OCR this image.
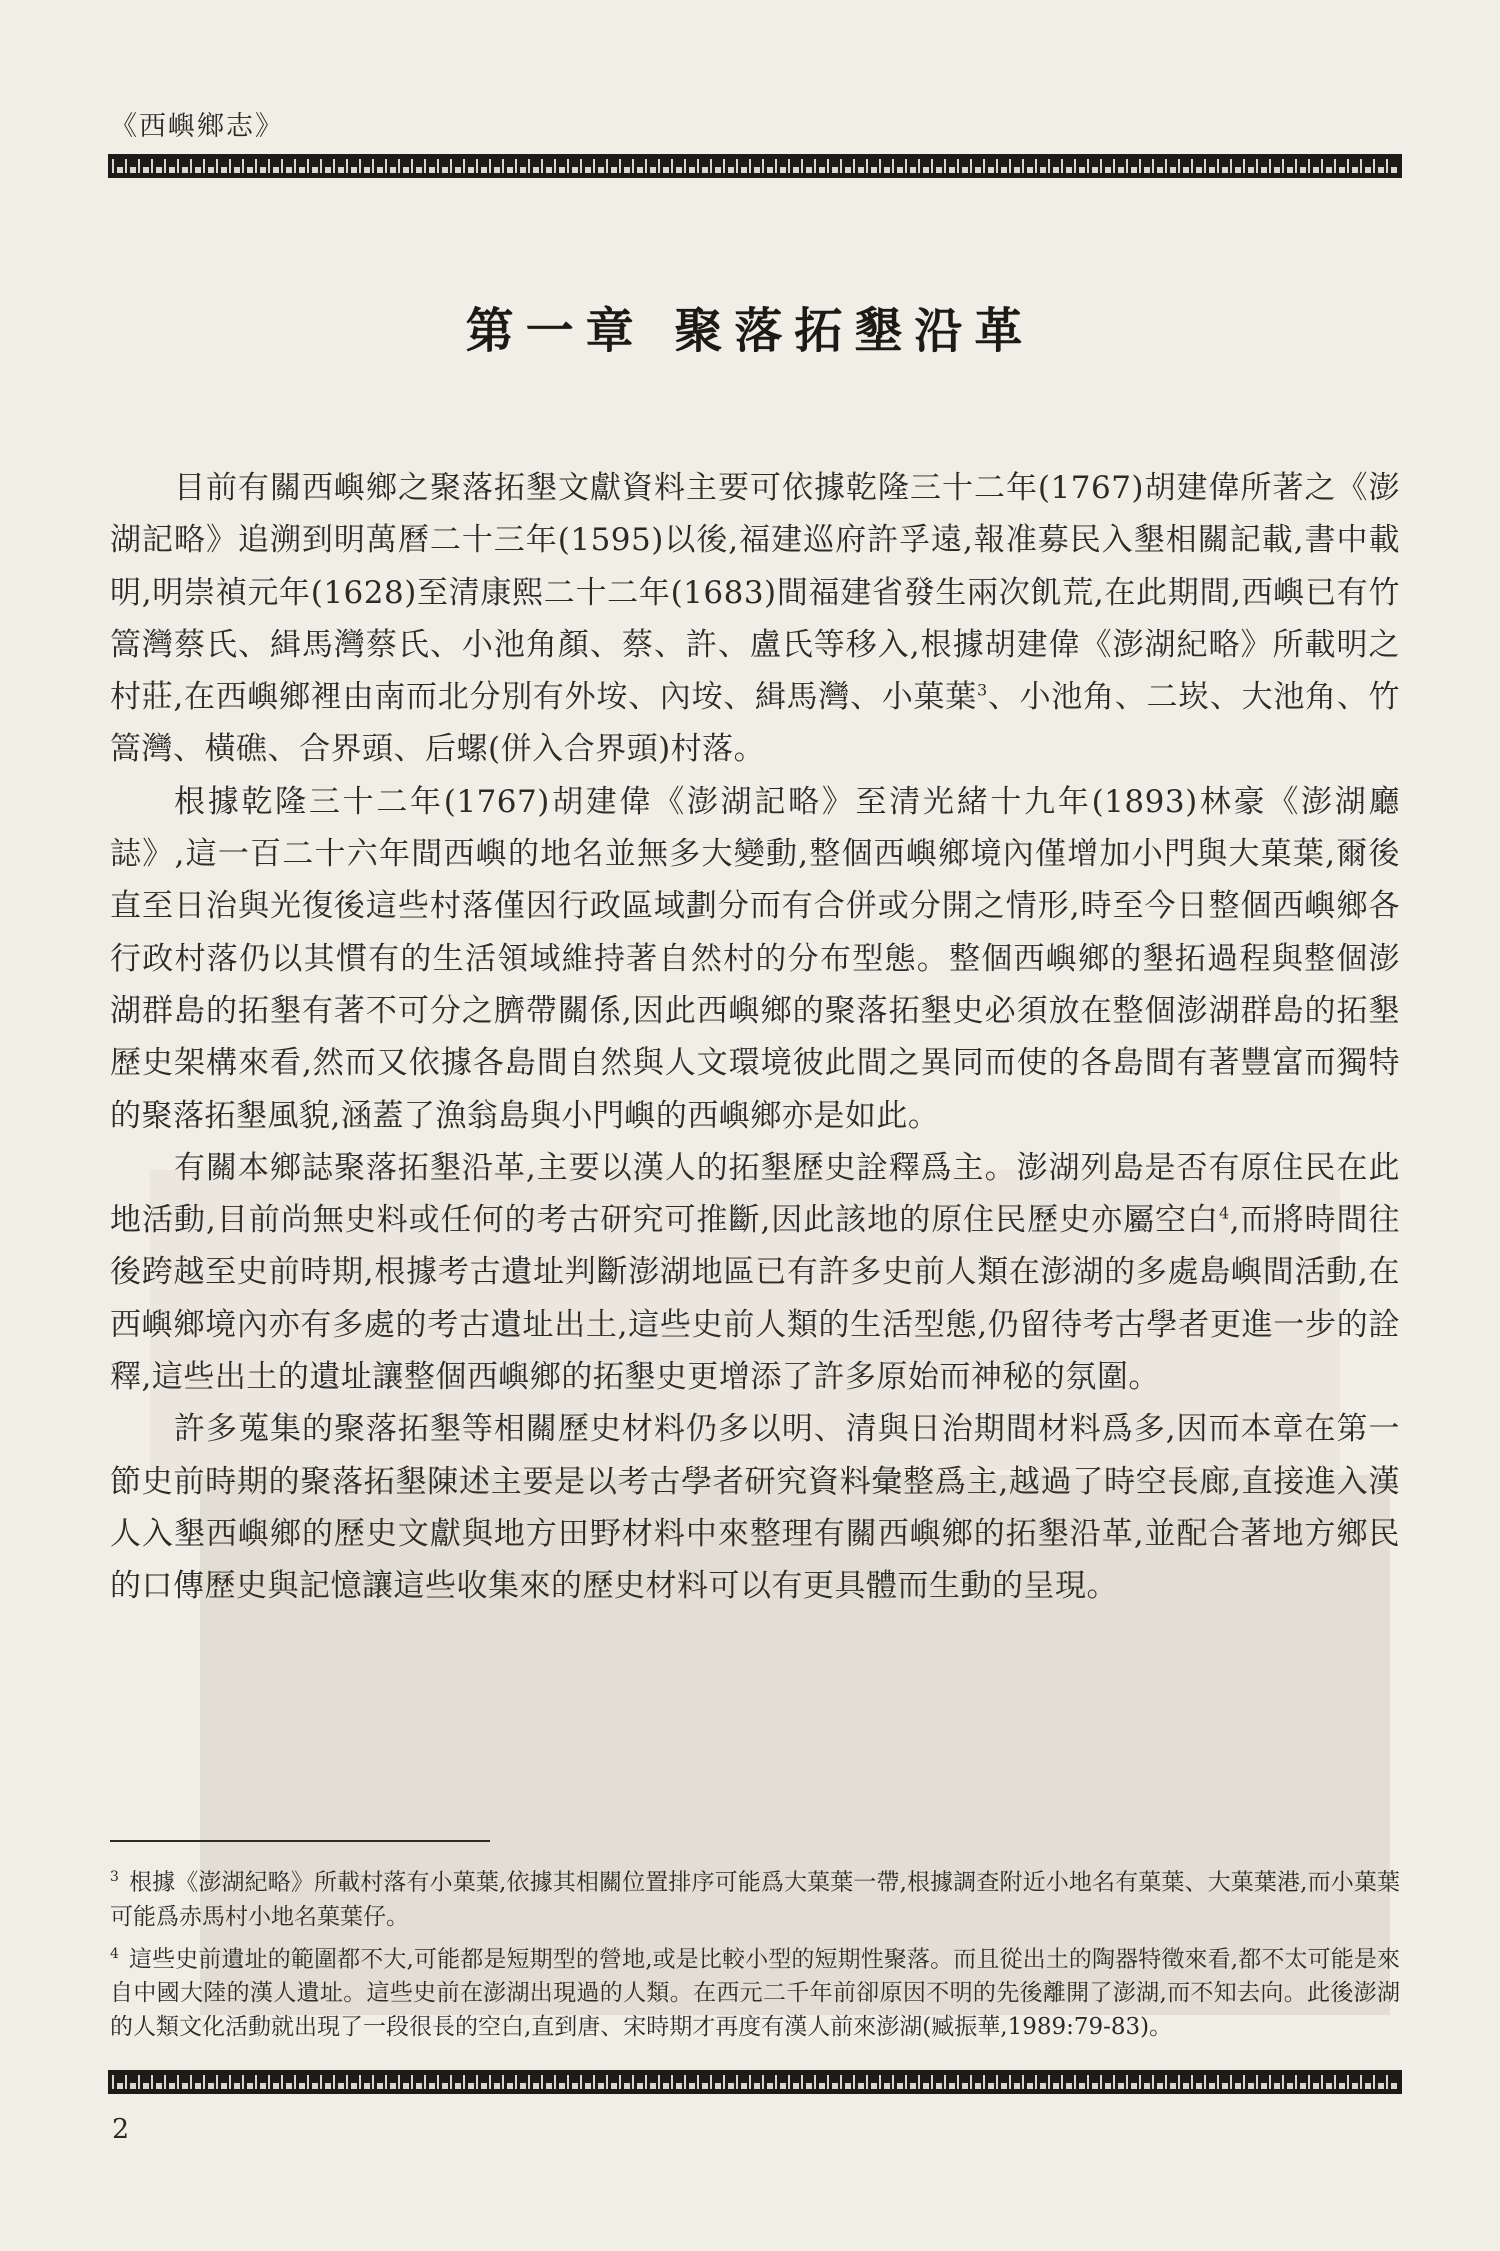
《西嶼鄉志》
第一章 聚落拓墾沿革

目前有關西嶼鄉之聚落拓墾文獻資料主要可依據乾隆三十二年(1767)胡建偉所著之《澎湖記略》追溯到明萬曆二十三年(1595)以後,福建巡府許孚遠,報准募民入墾相關記載,書中載明,明崇禎元年(1628)至清康熙二十二年(1683)間福建省發生兩次飢荒,在此期間,西嶼已有竹篙灣蔡氏、緝馬灣蔡氏、小池角顏、蔡、許、盧氏等移入,根據胡建偉《澎湖紀略》所載明之村莊,在西嶼鄉裡由南而北分別有外垵、內垵、緝馬灣、小菓葉$^3$、小池角、二崁、大池角、竹篙灣、橫礁、合界頭、后螺(併入合界頭)村落。

根據乾隆三十二年(1767)胡建偉《澎湖記略》至清光緒十九年(1893)林豪《澎湖廳誌》,這一百二十六年間西嶼的地名並無多大變動,整個西嶼鄉境內僅增加小門與大菓葉,爾後直至日治與光復後這些村落僅因行政區域劃分而有合併或分開之情形,時至今日整個西嶼鄉各行政村落仍以其慣有的生活領域維持著自然村的分布型態。整個西嶼鄉的墾拓過程與整個澎湖群島的拓墾有著不可分之臍帶關係,因此西嶼鄉的聚落拓墾史必須放在整個澎湖群島的拓墾歷史架構來看,然而又依據各島間自然與人文環境彼此間之異同而使的各島間有著豐富而獨特的聚落拓墾風貌,涵蓋了漁翁島與小門嶼的西嶼鄉亦是如此。

有關本鄉誌聚落拓墾沿革,主要以漢人的拓墾歷史詮釋爲主。澎湖列島是否有原住民在此地活動,目前尚無史料或任何的考古研究可推斷,因此該地的原住民歷史亦屬空白$^4$,而將時間往後跨越至史前時期,根據考古遺址判斷澎湖地區已有許多史前人類在澎湖的多處島嶼間活動,在西嶼鄉境內亦有多處的考古遺址出土,這些史前人類的生活型態,仍留待考古學者更進一步的詮釋,這些出土的遺址讓整個西嶼鄉的拓墾史更增添了許多原始而神秘的氛圍。

許多蒐集的聚落拓墾等相關歷史材料仍多以明、清與日治期間材料爲多,因而本章在第一節史前時期的聚落拓墾陳述主要是以考古學者研究資料彙整爲主,越過了時空長廊,直接進入漢人入墾西嶼鄉的歷史文獻與地方田野材料中來整理有關西嶼鄉的拓墾沿革,並配合著地方鄉民的口傳歷史與記憶讓這些收集來的歷史材料可以有更具體而生動的呈現。

$^3$ 根據《澎湖紀略》所載村落有小菓葉,依據其相關位置排序可能爲大菓葉一帶,根據調查附近小地名有菓葉、大菓葉港,而小菓葉可能爲赤馬村小地名菓葉仔。

$^4$ 這些史前遺址的範圍都不大,可能都是短期型的營地,或是比較小型的短期性聚落。而且從出土的陶器特徵來看,都不太可能是來自中國大陸的漢人遺址。這些史前在澎湖出現過的人類。在西元二千年前卻原因不明的先後離開了澎湖,而不知去向。此後澎湖的人類文化活動就出現了一段很長的空白,直到唐、宋時期才再度有漢人前來澎湖(臧振華,1989:79-83)。

2
